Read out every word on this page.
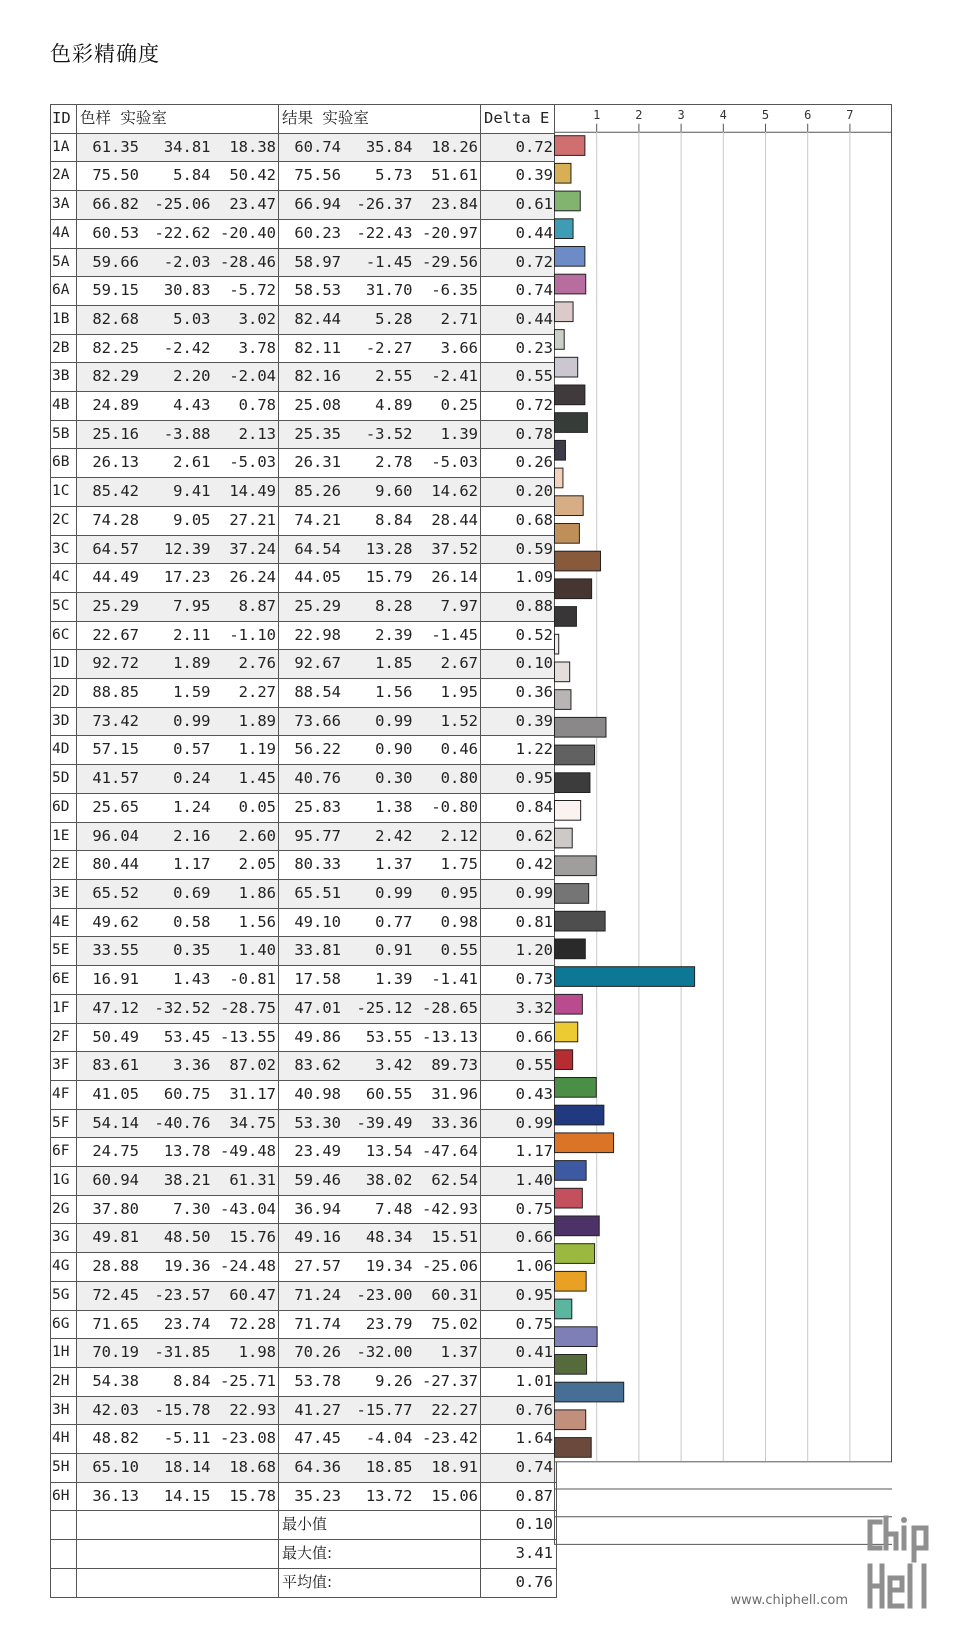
色彩精确度
ID	色样 实验室	结果 实验室	Delta E
1A	61.35 34.81 18.38	60.74 35.84 18.26	0.72
2A	75.50 5.84 50.42	75.56 5.73 51.61	0.39
3A	66.82 -25.06 23.47	66.94 -26.37 23.84	0.61
4A	60.53 -22.62 -20.40	60.23 -22.43 -20.97	0.44
5A	59.66 -2.03 -28.46	58.97 -1.45 -29.56	0.72
6A	59.15 30.83 -5.72	58.53 31.70 -6.35	0.74
1B	82.68 5.03 3.02	82.44 5.28 2.71	0.44
2B	82.25 -2.42 3.78	82.11 -2.27 3.66	0.23
3B	82.29 2.20 -2.04	82.16 2.55 -2.41	0.55
4B	24.89 4.43 0.78	25.08 4.89 0.25	0.72
5B	25.16 -3.88 2.13	25.35 -3.52 1.39	0.78
6B	26.13 2.61 -5.03	26.31 2.78 -5.03	0.26
1C	85.42 9.41 14.49	85.26 9.60 14.62	0.20
2C	74.28 9.05 27.21	74.21 8.84 28.44	0.68
3C	64.57 12.39 37.24	64.54 13.28 37.52	0.59
4C	44.49 17.23 26.24	44.05 15.79 26.14	1.09
5C	25.29 7.95 8.87	25.29 8.28 7.97	0.88
6C	22.67 2.11 -1.10	22.98 2.39 -1.45	0.52
1D	92.72 1.89 2.76	92.67 1.85 2.67	0.10
2D	88.85 1.59 2.27	88.54 1.56 1.95	0.36
3D	73.42 0.99 1.89	73.66 0.99 1.52	0.39
4D	57.15 0.57 1.19	56.22 0.90 0.46	1.22
5D	41.57 0.24 1.45	40.76 0.30 0.80	0.95
6D	25.65 1.24 0.05	25.83 1.38 -0.80	0.84
1E	96.04 2.16 2.60	95.77 2.42 2.12	0.62
2E	80.44 1.17 2.05	80.33 1.37 1.75	0.42
3E	65.52 0.69 1.86	65.51 0.99 0.95	0.99
4E	49.62 0.58 1.56	49.10 0.77 0.98	0.81
5E	33.55 0.35 1.40	33.81 0.91 0.55	1.20
6E	16.91 1.43 -0.81	17.58 1.39 -1.41	0.73
1F	47.12 -32.52 -28.75	47.01 -25.12 -28.65	3.32
2F	50.49 53.45 -13.55	49.86 53.55 -13.13	0.66
3F	83.61 3.36 87.02	83.62 3.42 89.73	0.55
4F	41.05 60.75 31.17	40.98 60.55 31.96	0.43
5F	54.14 -40.76 34.75	53.30 -39.49 33.36	0.99
6F	24.75 13.78 -49.48	23.49 13.54 -47.64	1.17
1G	60.94 38.21 61.31	59.46 38.02 62.54	1.40
2G	37.80 7.30 -43.04	36.94 7.48 -42.93	0.75
3G	49.81 48.50 15.76	49.16 48.34 15.51	0.66
4G	28.88 19.36 -24.48	27.57 19.34 -25.06	1.06
5G	72.45 -23.57 60.47	71.24 -23.00 60.31	0.95
6G	71.65 23.74 72.28	71.74 23.79 75.02	0.75
1H	70.19 -31.85 1.98	70.26 -32.00 1.37	0.41
2H	54.38 8.84 -25.71	53.78 9.26 -27.37	1.01
3H	42.03 -15.78 22.93	41.27 -15.77 22.27	0.76
4H	48.82 -5.11 -23.08	47.45 -4.04 -23.42	1.64
5H	65.10 18.14 18.68	64.36 18.85 18.91	0.74
6H	36.13 14.15 15.78	35.23 13.72 15.06	0.87
		最小值	0.10
		最大值:	3.41
		平均值:	0.76
1	2	3	4	5	6	7
www.chiphell.com
